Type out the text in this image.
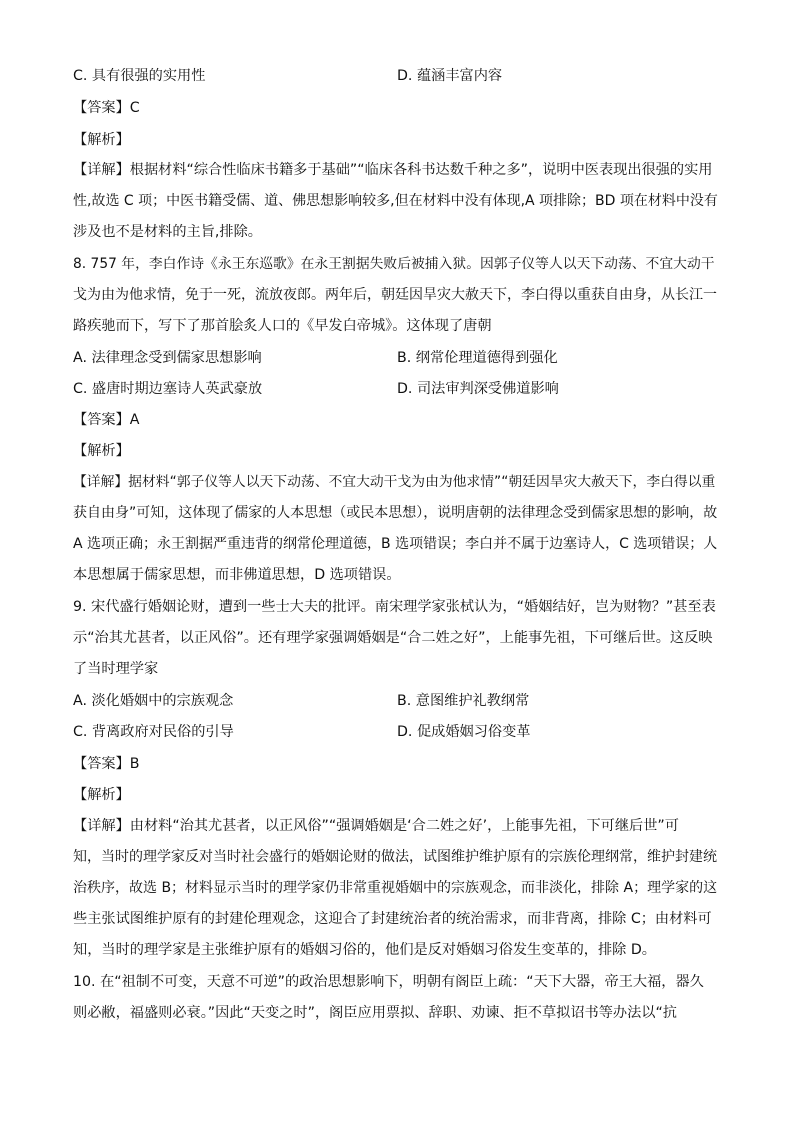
C. 具有很强的实用性	D. 蕴涵丰富内容
【答案】C
【解析】
【详解】根据材料“综合性临床书籍多于基础”“临床各科书达数千种之多”，说明中医表现出很强的实用
性,故选 C 项；中医书籍受儒、道、佛思想影响较多,但在材料中没有体现,A 项排除；BD 项在材料中没有
涉及也不是材料的主旨,排除。
8. 757 年，李白作诗《永王东巡歌》在永王割据失败后被捕入狱。因郭子仪等人以天下动荡、不宜大动干
戈为由为他求情，免于一死，流放夜郎。两年后，朝廷因旱灾大赦天下，李白得以重获自由身，从长江一
路疾驰而下，写下了那首脍炙人口的《早发白帝城》。这体现了唐朝
A. 法律理念受到儒家思想影响	B. 纲常伦理道德得到强化
C. 盛唐时期边塞诗人英武豪放	D. 司法审判深受佛道影响
【答案】A
【解析】
【详解】据材料“郭子仪等人以天下动荡、不宜大动干戈为由为他求情”“朝廷因旱灾大赦天下，李白得以重
获自由身”可知，这体现了儒家的人本思想（或民本思想），说明唐朝的法律理念受到儒家思想的影响，故
A 选项正确；永王割据严重违背的纲常伦理道德，B 选项错误；李白并不属于边塞诗人，C 选项错误；人
本思想属于儒家思想，而非佛道思想，D 选项错误。
9. 宋代盛行婚姻论财，遭到一些士大夫的批评。南宋理学家张栻认为，“婚姻结好，岂为财物？”甚至表
示“治其尤甚者，以正风俗”。还有理学家强调婚姻是“合二姓之好”，上能事先祖，下可继后世。这反映
了当时理学家
A. 淡化婚姻中的宗族观念	B. 意图维护礼教纲常
C. 背离政府对民俗的引导	D. 促成婚姻习俗变革
【答案】B
【解析】
【详解】由材料“治其尤甚者，以正风俗”“强调婚姻是‘合二姓之好’，上能事先祖，下可继后世”可
知，当时的理学家反对当时社会盛行的婚姻论财的做法，试图维护维护原有的宗族伦理纲常，维护封建统
治秩序，故选 B；材料显示当时的理学家仍非常重视婚姻中的宗族观念，而非淡化，排除 A；理学家的这
些主张试图维护原有的封建伦理观念，这迎合了封建统治者的统治需求，而非背离，排除 C；由材料可
知，当时的理学家是主张维护原有的婚姻习俗的，他们是反对婚姻习俗发生变革的，排除 D。
10. 在“祖制不可变，天意不可逆”的政治思想影响下，明朝有阁臣上疏：“天下大器，帝王大福，器久
则必敝，福盛则必衰。”因此“天变之时”，阁臣应用票拟、辞职、劝谏、拒不草拟诏书等办法以“抗
